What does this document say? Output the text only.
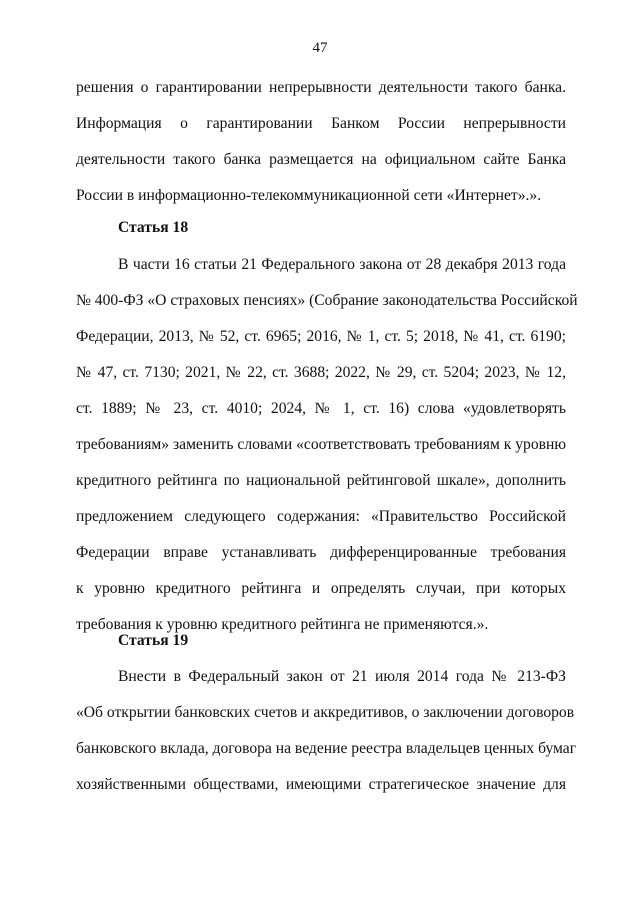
47
решения о гарантировании непрерывности деятельности такого банка.
Информация о гарантировании Банком России непрерывности
деятельности такого банка размещается на официальном сайте Банка
России в информационно-телекоммуникационной сети «Интернет».».
Статья 18
В части 16 статьи 21 Федерального закона от 28 декабря 2013 года
№ 400-ФЗ «О страховых пенсиях» (Собрание законодательства Российской
Федерации, 2013, № 52, ст. 6965; 2016, № 1, ст. 5; 2018, № 41, ст. 6190;
№ 47, ст. 7130; 2021, № 22, ст. 3688; 2022, № 29, ст. 5204; 2023, № 12,
ст. 1889; № 23, ст. 4010; 2024, № 1, ст. 16) слова «удовлетворять
требованиям» заменить словами «соответствовать требованиям к уровню
кредитного рейтинга по национальной рейтинговой шкале», дополнить
предложением следующего содержания: «Правительство Российской
Федерации вправе устанавливать дифференцированные требования
к уровню кредитного рейтинга и определять случаи, при которых
требования к уровню кредитного рейтинга не применяются.».
Статья 19
Внести в Федеральный закон от 21 июля 2014 года № 213-ФЗ
«Об открытии банковских счетов и аккредитивов, о заключении договоров
банковского вклада, договора на ведение реестра владельцев ценных бумаг
хозяйственными обществами, имеющими стратегическое значение для
